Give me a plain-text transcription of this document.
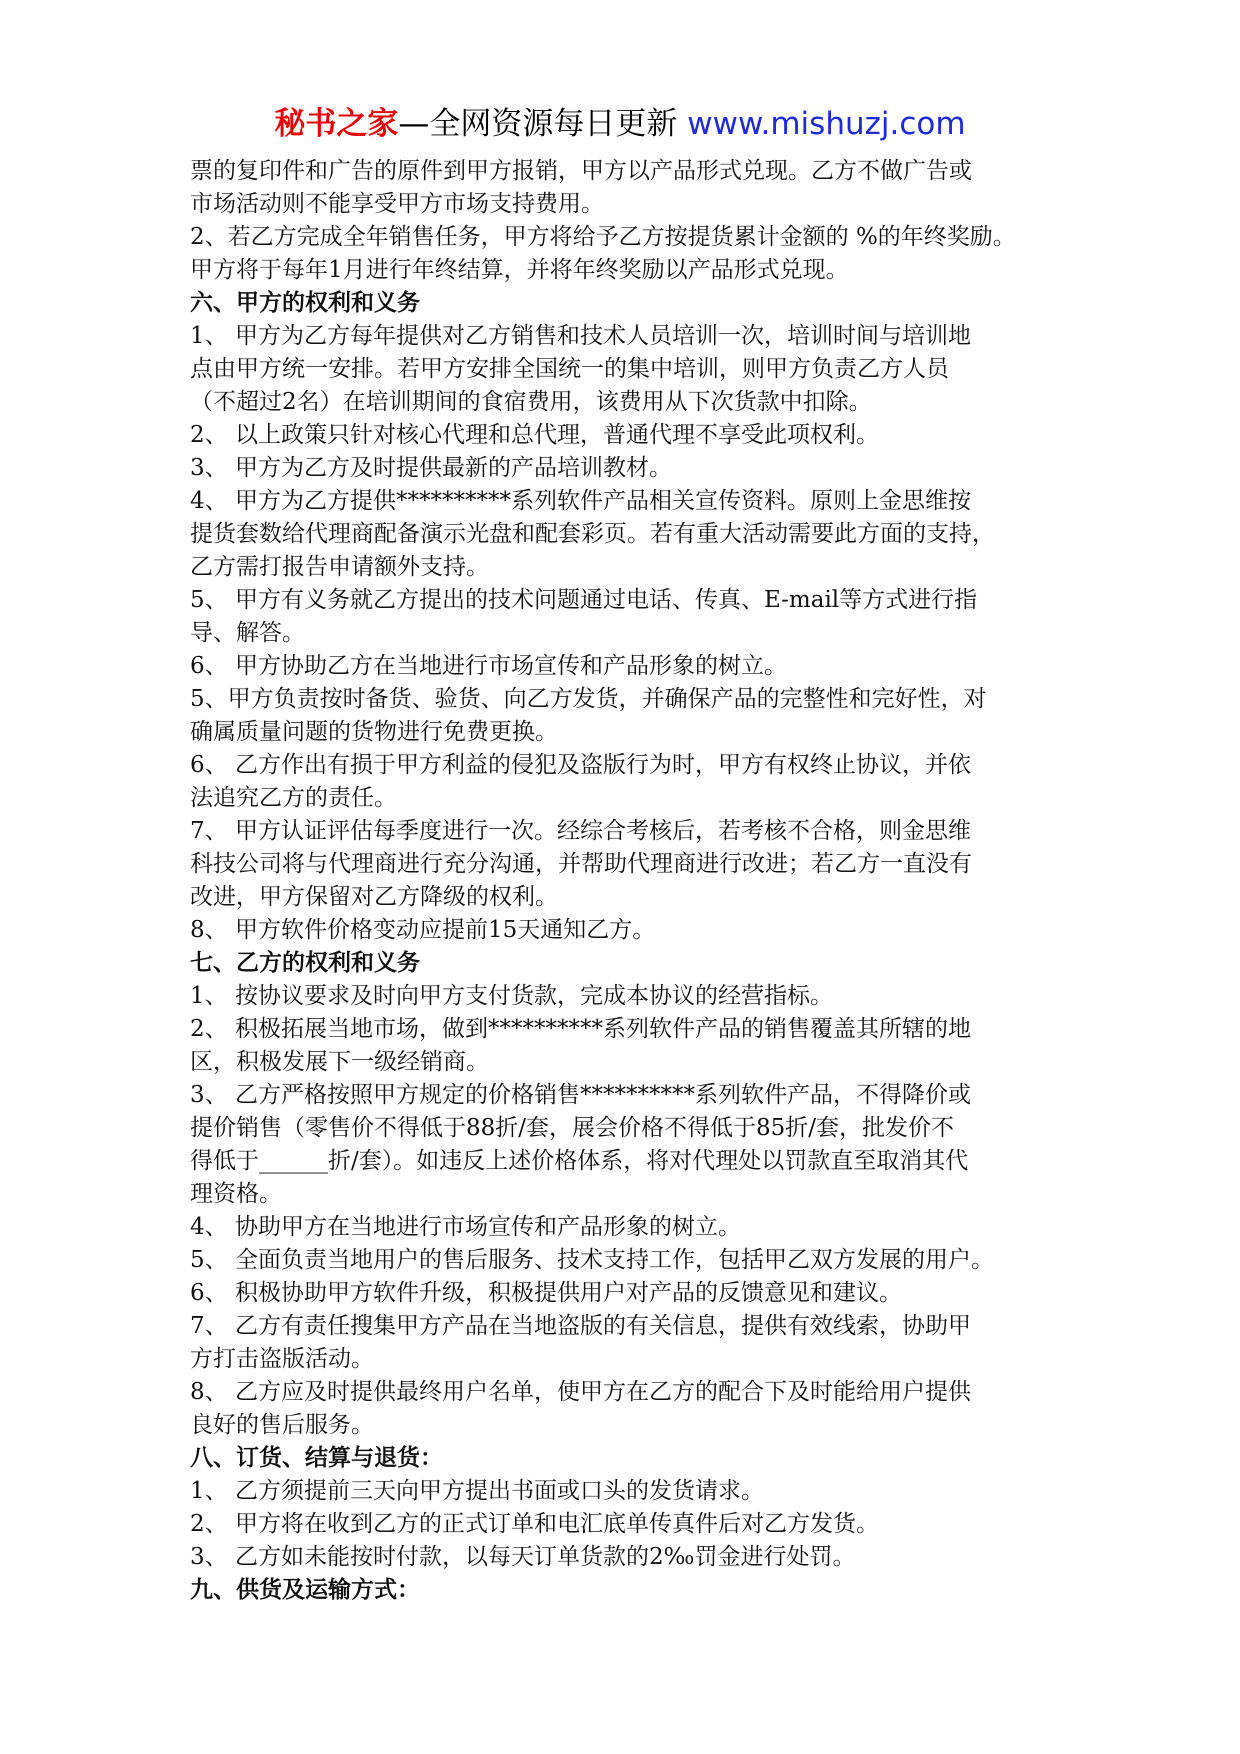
秘书之家—全网资源每日更新 www.mishuzj.com
票的复印件和广告的原件到甲方报销，甲方以产品形式兑现。乙方不做广告或
市场活动则不能享受甲方市场支持费用。
2、若乙方完成全年销售任务，甲方将给予乙方按提货累计金额的 %的年终奖励。
甲方将于每年1月进行年终结算，并将年终奖励以产品形式兑现。
六、甲方的权利和义务
1、 甲方为乙方每年提供对乙方销售和技术人员培训一次，培训时间与培训地
点由甲方统一安排。若甲方安排全国统一的集中培训，则甲方负责乙方人员
（不超过2名）在培训期间的食宿费用，该费用从下次货款中扣除。
2、 以上政策只针对核心代理和总代理，普通代理不享受此项权利。
3、 甲方为乙方及时提供最新的产品培训教材。
4、 甲方为乙方提供**********系列软件产品相关宣传资料。原则上金思维按
提货套数给代理商配备演示光盘和配套彩页。若有重大活动需要此方面的支持，
乙方需打报告申请额外支持。
5、 甲方有义务就乙方提出的技术问题通过电话、传真、E-mail等方式进行指
导、解答。
6、 甲方协助乙方在当地进行市场宣传和产品形象的树立。
5、甲方负责按时备货、验货、向乙方发货，并确保产品的完整性和完好性，对
确属质量问题的货物进行免费更换。
6、 乙方作出有损于甲方利益的侵犯及盗版行为时，甲方有权终止协议，并依
法追究乙方的责任。
7、 甲方认证评估每季度进行一次。经综合考核后，若考核不合格，则金思维
科技公司将与代理商进行充分沟通，并帮助代理商进行改进；若乙方一直没有
改进，甲方保留对乙方降级的权利。
8、 甲方软件价格变动应提前15天通知乙方。
七、乙方的权利和义务
1、 按协议要求及时向甲方支付货款，完成本协议的经营指标。
2、 积极拓展当地市场，做到**********系列软件产品的销售覆盖其所辖的地
区，积极发展下一级经销商。
3、 乙方严格按照甲方规定的价格销售**********系列软件产品，不得降价或
提价销售（零售价不得低于88折/套，展会价格不得低于85折/套，批发价不
得低于______折/套）。如违反上述价格体系，将对代理处以罚款直至取消其代
理资格。
4、 协助甲方在当地进行市场宣传和产品形象的树立。
5、 全面负责当地用户的售后服务、技术支持工作，包括甲乙双方发展的用户。
6、 积极协助甲方软件升级，积极提供用户对产品的反馈意见和建议。
7、 乙方有责任搜集甲方产品在当地盗版的有关信息，提供有效线索，协助甲
方打击盗版活动。
8、 乙方应及时提供最终用户名单，使甲方在乙方的配合下及时能给用户提供
良好的售后服务。
八、订货、结算与退货：
1、 乙方须提前三天向甲方提出书面或口头的发货请求。
2、 甲方将在收到乙方的正式订单和电汇底单传真件后对乙方发货。
3、 乙方如未能按时付款，以每天订单货款的2‰罚金进行处罚。
九、供货及运输方式：
